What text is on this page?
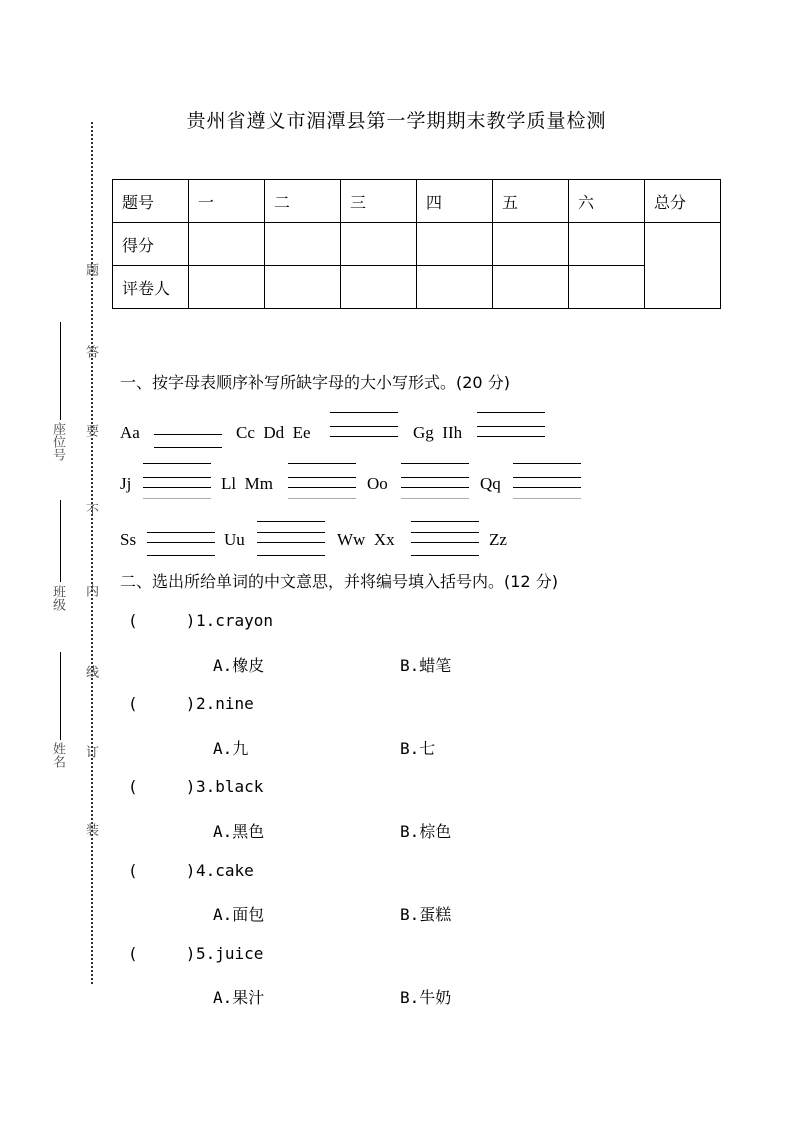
贵州省遵义市湄潭县第一学期期末教学质量检测
题
答
要
不
内
线
订
装
座位号
班级
姓名
题号	一	二	三	四	五	六	总分
得分							
评卷人							
一、按字母表顺序补写所缺字母的大小写形式。(20 分)
Aa	Cc  Dd  Ee	Gg  IIh
Jj	Ll  Mm	Oo	Qq
Ss	Uu	Ww  Xx	Zz
二、选出所给单词的中文意思，并将编号填入括号内。(12 分)
(     ) 1.crayon
A.橡皮	B.蜡笔
(     ) 2.nine
A.九	B.七
(     ) 3.black
A.黑色	B.棕色
(     ) 4.cake
A.面包	B.蛋糕
(     ) 5.juice
A.果汁	B.牛奶
